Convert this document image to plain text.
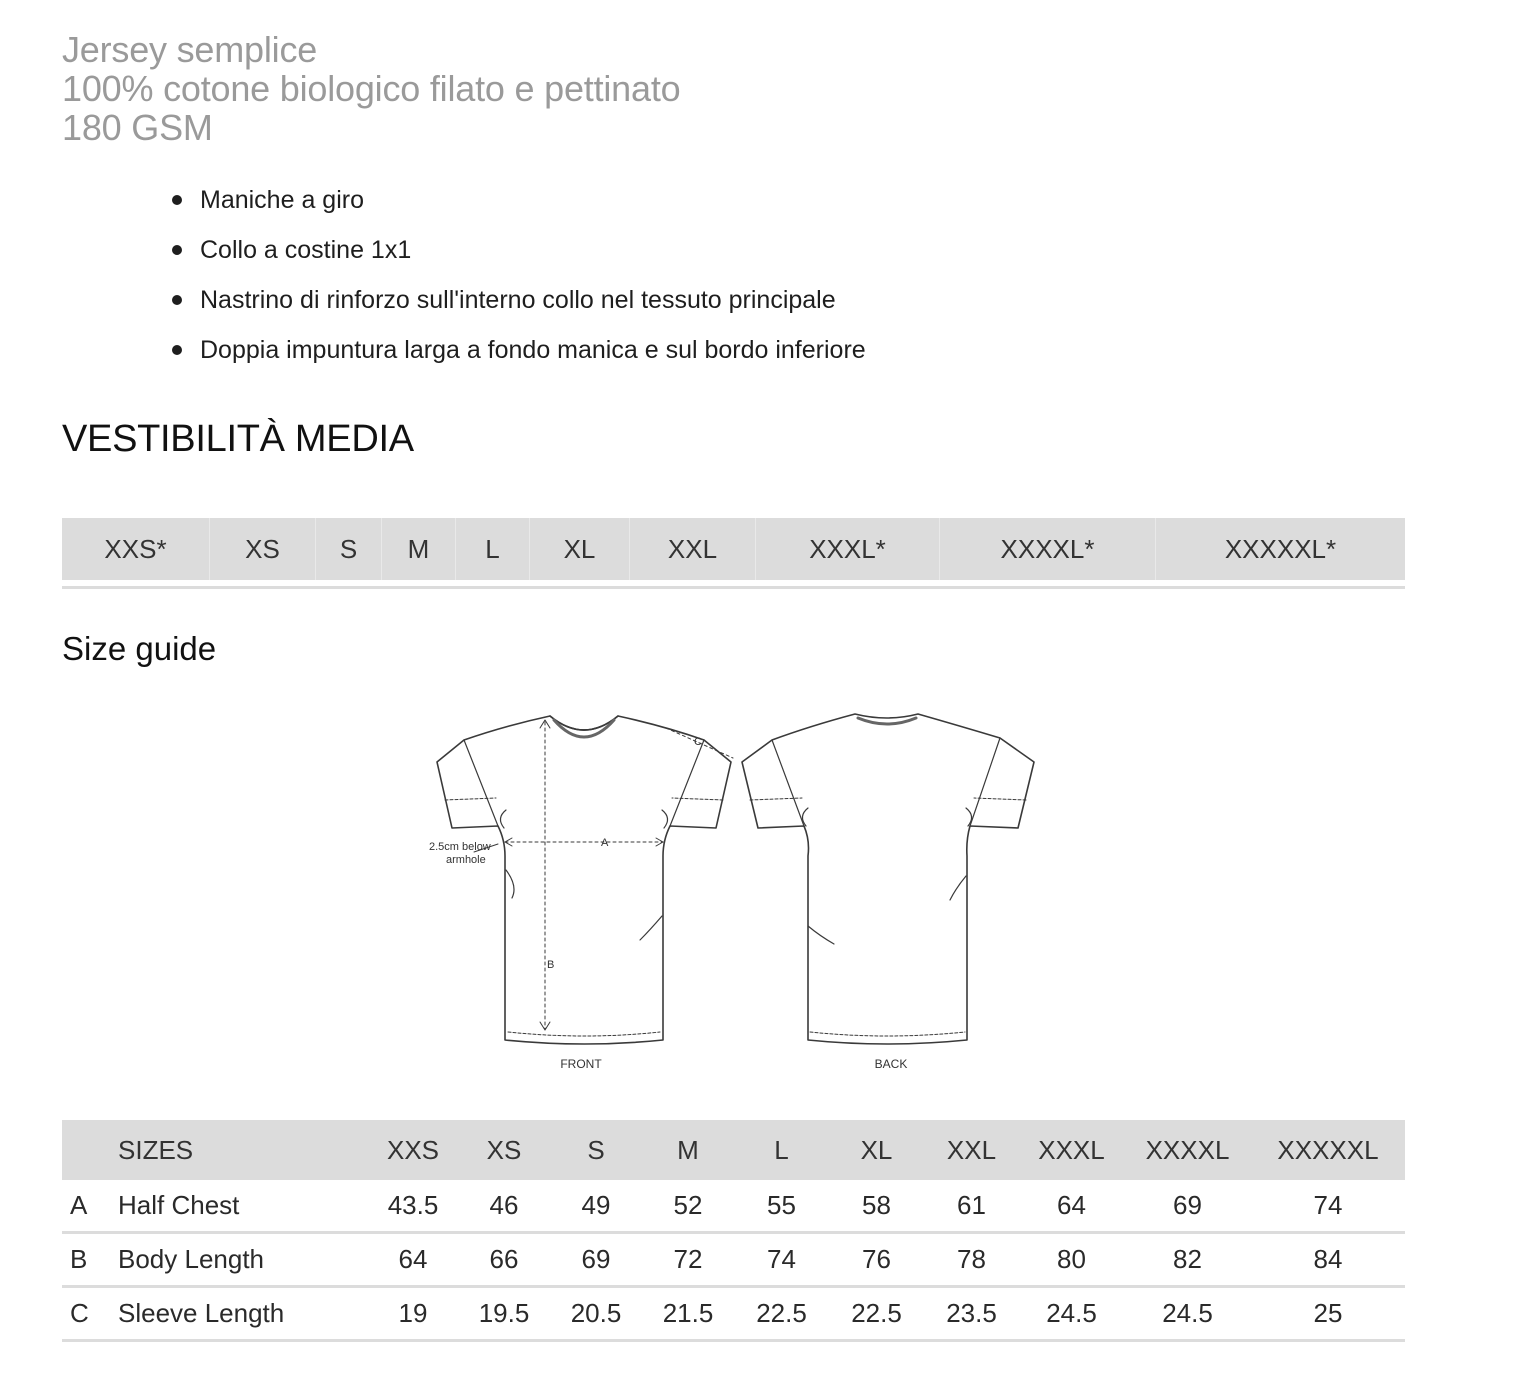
Jersey semplice
100% cotone biologico filato e pettinato
180 GSM
Maniche a giro
Collo a costine 1x1
Nastrino di rinforzo sull'interno collo nel tessuto principale
Doppia impuntura larga a fondo manica e sul bordo inferiore
VESTIBILITÀ MEDIA
XXS*	XS	S	M	L	XL	XXL	XXXL*	XXXXL*	XXXXXL*
Size guide
B
A
C
2.5cm below
armhole
FRONT	BACK
	SIZES	XXS	XS	S	M	L	XL	XXL	XXXL	XXXXL	XXXXXL
A	Half Chest	43.5	46	49	52	55	58	61	64	69	74
B	Body Length	64	66	69	72	74	76	78	80	82	84
C	Sleeve Length	19	19.5	20.5	21.5	22.5	22.5	23.5	24.5	24.5	25
